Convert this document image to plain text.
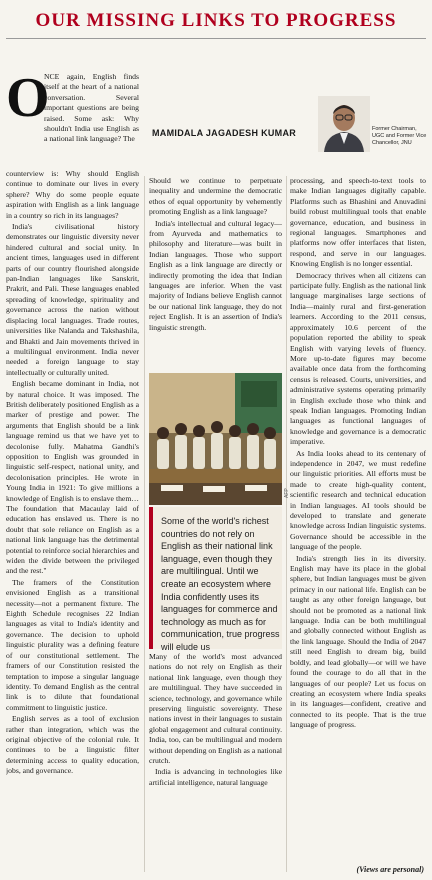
OUR MISSING LINKS TO PROGRESS
O

NCE again, English finds itself at the heart of a national conversation. Several important questions are being raised. Some ask: Why shouldn't India use English as a national link language? The

counterview is: Why should English continue to dominate our lives in every sphere? Why do some people equate aspiration with English as a link language in a country so rich in its languages?

India's civilisational history demonstrates our linguistic diversity never hindered cultural and social unity. In ancient times, languages used in different parts of our country flourished alongside pan-Indian languages like Sanskrit, Prakrit, and Pali. These languages enabled spreading of knowledge, spirituality and governance across the nation without displacing local languages. Trade routes, universities like Nalanda and Takshashila, and Bhakti and Jain movements thrived in a multilingual environment. India never needed a foreign language to stay intellectually or culturally united.

English became dominant in India, not by natural choice. It was imposed. The British deliberately positioned English as a marker of prestige and power. The arguments that English should be a link language remind us that we have yet to decolonise fully. Mahatma Gandhi's opposition to English was grounded in linguistic self-respect, national unity, and decolonisation principles. He wrote in Young India in 1921: To give millions a knowledge of English is to enslave them… The foundation that Macaulay laid of education has enslaved us. There is no doubt that sole reliance on English as a national link language has the detrimental potential to reinforce social hierarchies and widen the divide between the privileged and the rest."

The framers of the Constitution envisioned English as a transitional necessity—not a permanent fixture. The Eighth Schedule recognises 22 Indian languages as vital to India's identity and governance. The decision to uphold linguistic plurality was a defining feature of our constitutional settlement. The framers of our Constitution resisted the temptation to impose a singular language identity. To demand English as the central link is to dilute that foundational commitment to linguistic justice.

English serves as a tool of exclusion rather than integration, which was the original objective of the colonial rule. It continues to be a linguistic filter determining access to quality education, jobs, and governance.

MAMIDALA JAGADESH KUMAR	Former Chairman, UGC and Former Vice Chancellor, JNU

Should we continue to perpetuate inequality and undermine the democratic ethos of equal opportunity by vehemently promoting English as a link language?

India's intellectual and cultural legacy—from Ayurveda and mathematics to philosophy and literature—was built in Indian languages. Those who support English as a link language are directly or indirectly promoting the idea that Indian languages are inferior. When the vast majority of Indians believe English cannot be our national link language, they do not reject English. It is an assertion of India's linguistic strength.

AFP
Some of the world's richest countries do not rely on English as their national link language, even though they are multilingual. Until we create an ecosystem where India confidently uses its languages for commerce and technology as much as for communication, true progress will elude us

Many of the world's most advanced nations do not rely on English as their national link language, even though they are multilingual. They have succeeded in science, technology, and governance while preserving linguistic sovereignty. These nations invest in their languages to sustain global engagement and cultural continuity. India, too, can be multilingual and modern without depending on English as a national crutch.

India is advancing in technologies like artificial intelligence, natural language

processing, and speech-to-text tools to make Indian languages digitally capable. Platforms such as Bhashini and Anuvadini build robust multilingual tools that enable governance, education, and business in regional languages. Smartphones and platforms now offer interfaces that listen, respond, and serve in our languages. Knowing English is no longer essential.

Democracy thrives when all citizens can participate fully. English as the national link language marginalises large sections of India—mainly rural and first-generation learners. According to the 2011 census, approximately 10.6 percent of the population reported the ability to speak English with varying levels of fluency. More up-to-date figures may become available once data from the forthcoming census is released. Courts, universities, and administrative systems operating primarily in English exclude those who think and speak Indian languages. Promoting Indian languages as functional languages of knowledge and governance is a democratic imperative.

As India looks ahead to its centenary of independence in 2047, we must redefine our linguistic priorities. All efforts must be made to create high-quality content, scientific research and technical education in Indian languages. AI tools should be developed to translate and generate knowledge across Indian linguistic systems. Governance should be accessible in the language of the people.

India's strength lies in its diversity. English may have its place in the global sphere, but Indian languages must be given primacy in our national life. English can be taught as any other foreign language, but should not be promoted as a national link language. India can be both multilingual and globally connected without English as the link language. Should the India of 2047 still need English to dream big, build boldly, and lead globally—or will we have found the courage to do all that in the languages of our people? Let us focus on creating an ecosystem where India speaks in its languages—confident, creative and connected to its people. That is the true language of progress.

(Views are personal)
